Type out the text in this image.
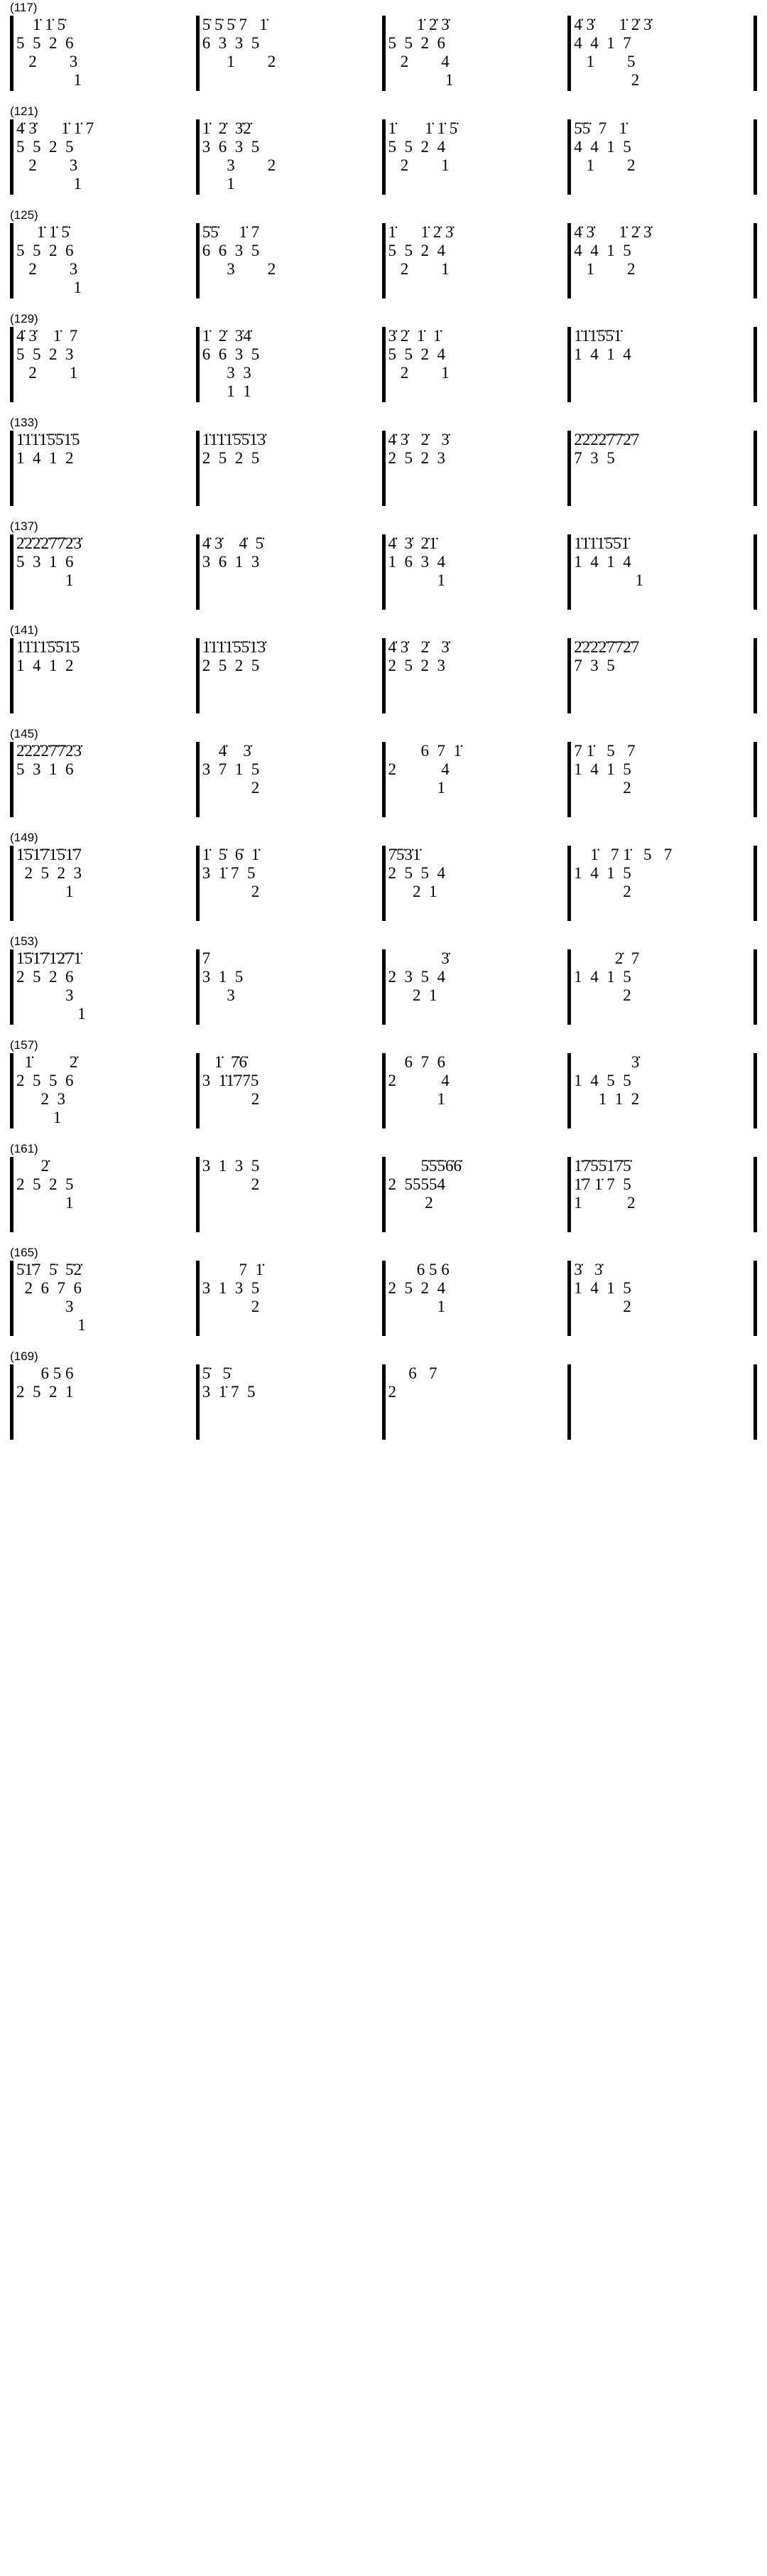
(117)
1̇ 1̇ 5̇
5  5  2  6
2        3
1
5̇ 5̇ 5̇ 7   1̇
6  3  3  5
1        2
1̇ 2̇ 3̇
5  5  2  6
2        4
1
4̇ 3̇      1̇ 2̇ 3̇
4  4  1  7
1        5
2
(121)
4̇ 3̇      1̇ 1̇ 7
5  5  2  5
2        3
1
1̇  2̇  3̇2̇
3  6  3  5
3        2
1
1̇       1̇ 1̇ 5̇
5  5  2  4
2        1
5̇5̇  7   1̇
4  4  1  5
1        2
(125)
1̇ 1̇ 5̇
5  5  2  6
2        3
1
5̇5̇     1̇ 7
6  6  3  5
3        2
1̇      1̇ 2̇ 3̇
5  5  2  4
2        1
4̇ 3̇      1̇ 2̇ 3̇
4  4  1  5
1        2
(129)
4̇ 3̇    1̇  7
5  5  2  3
2        1
1̇  2̇  3̇4̇
6  6  3  5
3  3
1  1
3̇ 2̇  1̇  1̇
5  5  2  4
2        1
1̇1̇1̇5̇5̇1̇
1  4  1  4
(133)
1̇1̇1̇1̇5̇5̇1̇5
1  4  1  2
1̇1̇1̇1̇5̇5̇1̇3̇
2  5  2  5
4̇ 3̇   2̇   3̇
2  5  2  3
2̇2̇2̇2̇7̇7̇2̇7
7  3  5
(137)
2̇2̇2̇2̇7̇7̇2̇3̇
5  3  1  6
1
4̇ 3̇    4̇  5̇
3  6  1  3
4̇  3̇  2̇1̇
1  6  3  4
1
1̇1̇1̇1̇5̇5̇1̇
1  4  1  4
1
(141)
1̇1̇1̇1̇5̇5̇1̇5
1  4  1  2
1̇1̇1̇1̇5̇5̇1̇3̇
2  5  2  5
4̇ 3̇   2̇   3̇
2  5  2  3
2̇2̇2̇2̇7̇7̇2̇7
7  3  5
(145)
2̇2̇2̇2̇7̇7̇2̇3̇
5  3  1  6
4̇    3̇
3  7  1  5
2
6  7  1̇
2           4
1
7 1̇   5   7
1  4  1  5
2
(149)
1̇5̇1̇7̇1̇5̇1̇7
2  5  2  3
1
1̇  5̇  6̇  1̇
3  1̇ 7  5
2
7̇5̇3̇1̇
2  5  5  4
2  1
1̇   7 1̇   5   7
1  4  1  5
2
(153)
1̇5̇1̇7̇1̇2̇7̇1̇
2  5  2  6
3
1
7
3  1  5
3
3̇
2  3  5  4
2  1
2̇  7
1  4  1  5
2
(157)
1̇         2̇
2  5  5  6
2  3
1
1̇  7̇6̇
3  1̇1̇775
2
6  7  6
2           4
1
3̇
1  4  5  5
1  1  2
(161)
2̇
2  5  2  5
1
3  1  3  5
2
5̇5̇5̇6̇6̇
2  55554
2
1̇7̇5̇5̇1̇7̇5̇
1̇7 1̇ 7  5
1           2
(165)
5̇1̇7  5̇  5̇2̇
2  6  7  6
3
1
7  1̇
3  1  3  5
2
6 5 6
2  5  2  4
1
3̇   3̇
1  4  1  5
2
(169)
6 5 6
2  5  2  1
5̇   5̇
3  1̇ 7  5
6   7
2
